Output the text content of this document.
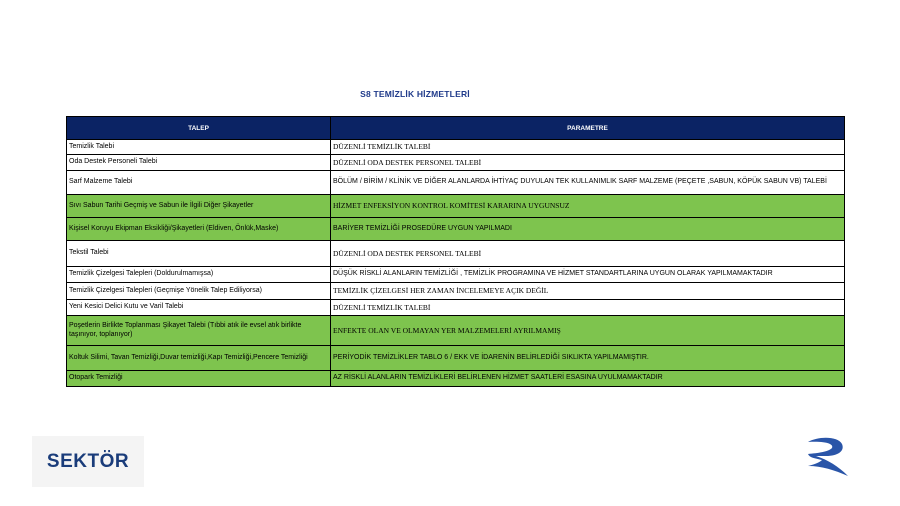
S8 TEMİZLİK HİZMETLERİ
TALEP	PARAMETRE
Temizlik Talebi	DÜZENLİ TEMİZLİK TALEBİ
Oda Destek Personeli Talebi	DÜZENLİ ODA DESTEK PERSONEL TALEBİ
Sarf Malzeme Talebi	BÖLÜM / BİRİM / KLİNİK VE DİĞER ALANLARDA İHTİYAÇ DUYULAN TEK KULLANIMLIK SARF MALZEME (PEÇETE ,SABUN, KÖPÜK SABUN VB) TALEBİ
Sıvı Sabun Tarihi Geçmiş ve Sabun ile İlgili Diğer Şikayetler	HİZMET ENFEKSİYON KONTROL KOMİTESİ KARARINA UYGUNSUZ
Kişisel Koruyu Ekipman Eksikliği/Şikayetleri (Eldiven, Önlük,Maske)	BARİYER TEMİZLİĞİ PROSEDÜRE UYGUN YAPILMADI
Tekstil Talebi	DÜZENLİ ODA DESTEK PERSONEL TALEBİ
Temizlik Çizelgesi Talepleri (Doldurulmamışsa)	DÜŞÜK RİSKLİ ALANLARIN TEMİZLİĞİ , TEMİZLİK PROGRAMINA VE HİZMET STANDARTLARINA UYGUN OLARAK YAPILMAMAKTADIR
Temizlik Çizelgesi Talepleri (Geçmişe Yönelik Talep Ediliyorsa)	TEMİZLİK ÇİZELGESİ HER ZAMAN İNCELEMEYE AÇIK DEĞİL
Yeni Kesici Delici Kutu ve Varil Talebi	DÜZENLİ TEMİZLİK TALEBİ
Poşetlerin Birlikte Toplanması Şikayet Talebi (Tıbbi atık ile evsel atık birlikte taşınıyor, toplanıyor)	ENFEKTE OLAN VE OLMAYAN YER MALZEMELERİ AYRILMAMIŞ
Koltuk Silimi, Tavan Temizliği,Duvar temizliği,Kapı Temizliği,Pencere Temizliği	PERİYODİK TEMİZLİKLER TABLO 6 / EKK VE İDARENİN BELİRLEDİĞİ SIKLIKTA YAPILMAMIŞTIR.
Otopark Temizliği	AZ RİSKLİ ALANLARIN TEMİZLİKLERİ BELİRLENEN HİZMET SAATLERİ ESASINA UYULMAMAKTADIR
SEKTÖR
